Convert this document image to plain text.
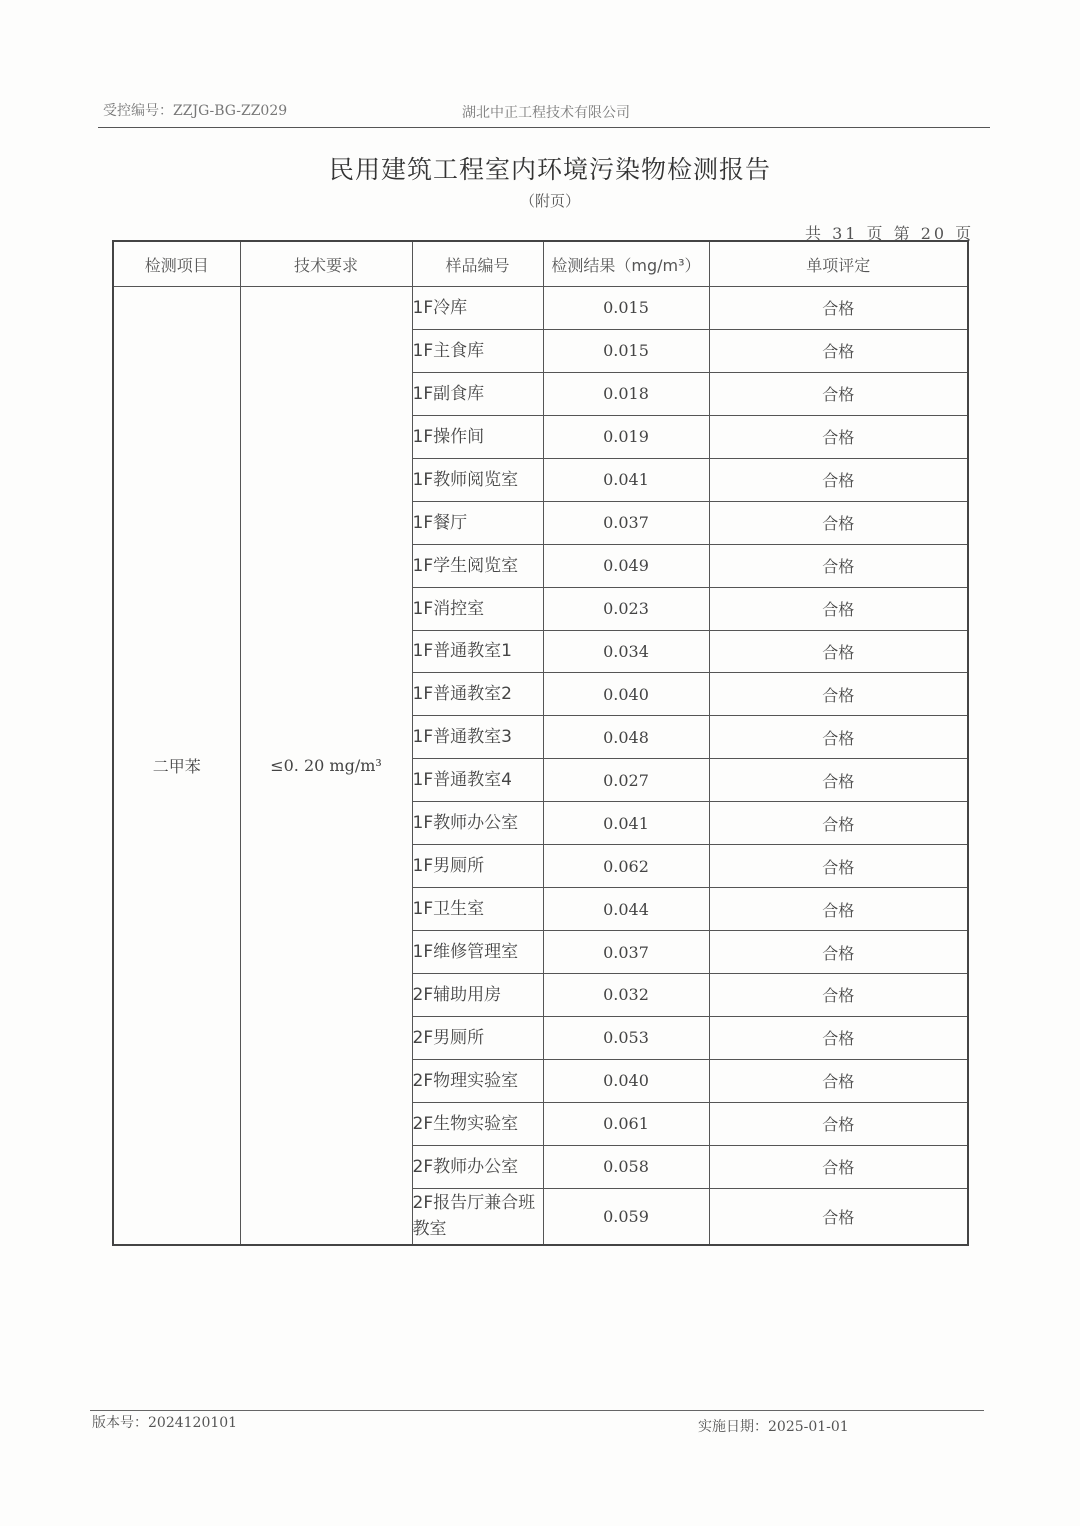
受控编号：ZZJG-BG-ZZ029	湖北中正工程技术有限公司
民用建筑工程室内环境污染物检测报告
（附页）
共 31 页 第 20 页
检测项目	技术要求	样品编号	检测结果（mg/m³）	单项评定
二甲苯	≤0. 20 mg/m³	1F冷库	0.015	合格
		1F主食库	0.015	合格
		1F副食库	0.018	合格
		1F操作间	0.019	合格
		1F教师阅览室	0.041	合格
		1F餐厅	0.037	合格
		1F学生阅览室	0.049	合格
		1F消控室	0.023	合格
		1F普通教室1	0.034	合格
		1F普通教室2	0.040	合格
		1F普通教室3	0.048	合格
		1F普通教室4	0.027	合格
		1F教师办公室	0.041	合格
		1F男厕所	0.062	合格
		1F卫生室	0.044	合格
		1F维修管理室	0.037	合格
		2F辅助用房	0.032	合格
		2F男厕所	0.053	合格
		2F物理实验室	0.040	合格
		2F生物实验室	0.061	合格
		2F教师办公室	0.058	合格
		2F报告厅兼合班教室	0.059	合格
版本号：2024120101	实施日期：2025-01-01
